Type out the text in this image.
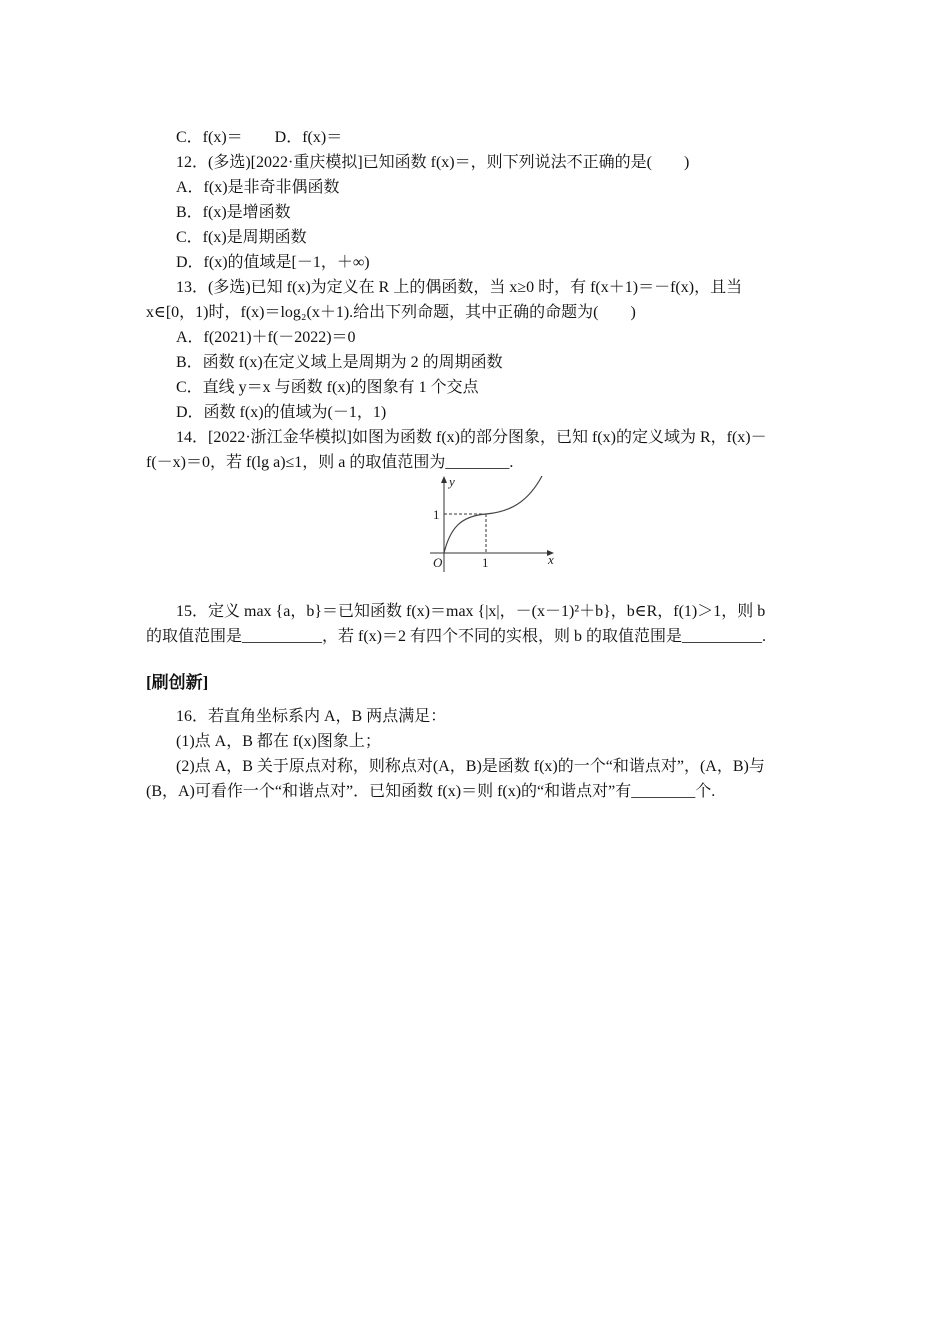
C．f(x)＝　　D．f(x)＝
12．(多选)[2022·重庆模拟]已知函数 f(x)＝，则下列说法不正确的是(　　)
A．f(x)是非奇非偶函数
B．f(x)是增函数
C．f(x)是周期函数
D．f(x)的值域是[－1，＋∞)
13．(多选)已知 f(x)为定义在 R 上的偶函数，当 x≥0 时，有 f(x＋1)＝－f(x)，且当
x∈[0，1)时，f(x)＝log₂(x＋1).给出下列命题，其中正确的命题为(　　)
A．f(2021)＋f(－2022)＝0
B．函数 f(x)在定义域上是周期为 2 的周期函数
C．直线 y＝x 与函数 f(x)的图象有 1 个交点
D．函数 f(x)的值域为(－1，1)
14．[2022·浙江金华模拟]如图为函数 f(x)的部分图象，已知 f(x)的定义域为 R，f(x)－
f(－x)＝0，若 f(lg a)≤1，则 a 的取值范围为________.
15．定义 max {a，b}＝已知函数 f(x)＝max {|x|，－(x－1)²＋b}，b∈R，f(1)＞1，则 b
的取值范围是__________，若 f(x)＝2 有四个不同的实根，则 b 的取值范围是__________.
16．若直角坐标系内 A，B 两点满足：
(1)点 A，B 都在 f(x)图象上；
(2)点 A，B 关于原点对称，则称点对(A，B)是函数 f(x)的一个“和谐点对”，(A，B)与
(B，A)可看作一个“和谐点对”．已知函数 f(x)＝则 f(x)的“和谐点对”有________个.
[刷创新]
y
x
O
1
1
